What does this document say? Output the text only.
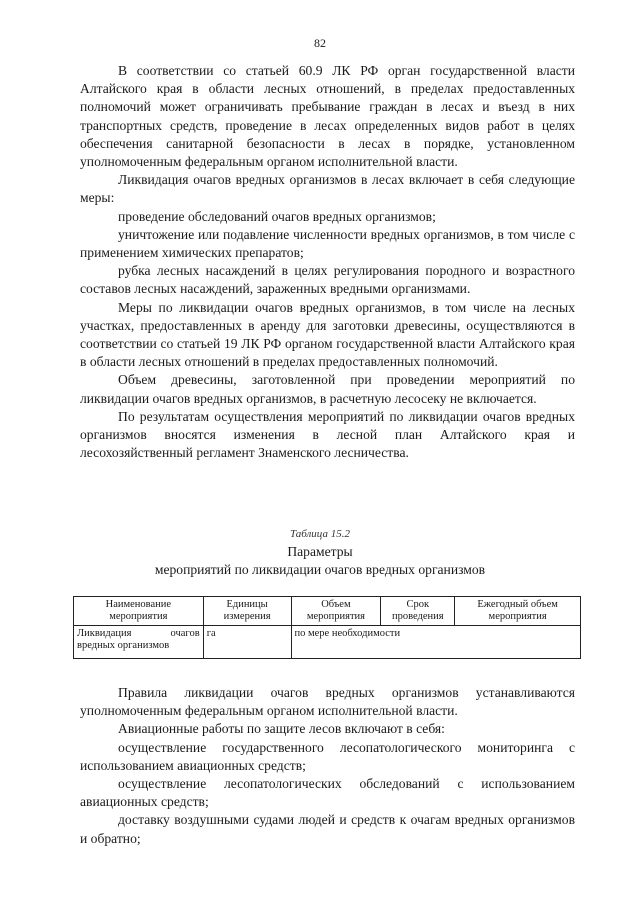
82

В соответствии со статьей 60.9 ЛК РФ орган государственной власти Алтайского края в области лесных отношений, в пределах предоставленных полномочий может ограничивать пребывание граждан в лесах и въезд в них транспортных средств, проведение в лесах определенных видов работ в целях обеспечения санитарной безопасности в лесах в порядке, установленном уполномоченным федеральным органом исполнительной власти.

Ликвидация очагов вредных организмов в лесах включает в себя следующие меры:

проведение обследований очагов вредных организмов;

уничтожение или подавление численности вредных организмов, в том числе с применением химических препаратов;

рубка лесных насаждений в целях регулирования породного и возрастного составов лесных насаждений, зараженных вредными организмами.

Меры по ликвидации очагов вредных организмов, в том числе на лесных участках, предоставленных в аренду для заготовки древесины, осуществляются в соответствии со статьей 19 ЛК РФ органом государственной власти Алтайского края в области лесных отношений в пределах предоставленных полномочий.

Объем древесины, заготовленной при проведении мероприятий по ликвидации очагов вредных организмов, в расчетную лесосеку не включается.

По результатам осуществления мероприятий по ликвидации очагов вредных организмов вносятся изменения в лесной план Алтайского края и лесохозяйственный регламент Знаменского лесничества.

Таблица 15.2
Параметры
мероприятий по ликвидации очагов вредных организмов
Наименование мероприятия	Единицы измерения	Объем мероприятия	Срок проведения	Ежегодный объем мероприятия
Ликвидация очагов вредных организмов	га	по мере необходимости		

Правила ликвидации очагов вредных организмов устанавливаются уполномоченным федеральным органом исполнительной власти.

Авиационные работы по защите лесов включают в себя:

осуществление государственного лесопатологического мониторинга с использованием авиационных средств;

осуществление лесопатологических обследований с использованием авиационных средств;

доставку воздушными судами людей и средств к очагам вредных организмов и обратно;
